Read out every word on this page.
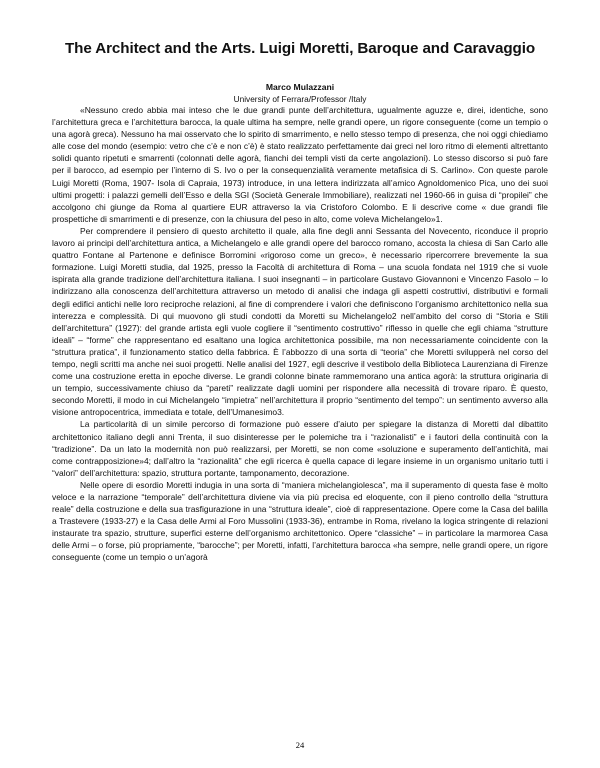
The Architect and the Arts. Luigi Moretti, Baroque and Caravaggio
Marco Mulazzani
University of Ferrara/Professor /Italy

«Nessuno credo abbia mai inteso che le due grandi punte dell’architettura, ugualmente aguzze e, direi, identiche, sono l’architettura greca e l’architettura barocca, la quale ultima ha sempre, nelle grandi opere, un rigore conseguente (come un tempio o una agorà greca). Nessuno ha mai osservato che lo spirito di smarrimento, e nello stesso tempo di presenza, che noi oggi chiediamo alle cose del mondo (esempio: vetro che c’è e non c’è) è stato realizzato perfettamente dai greci nel loro ritmo di elementi altrettanto solidi quanto ripetuti e smarrenti (colonnati delle agorà, fianchi dei templi visti da certe angolazioni). Lo stesso discorso si può fare per il barocco, ad esempio per l’interno di S. Ivo o per la consequenzialità veramente metafisica di S. Carlino». Con queste parole Luigi Moretti (Roma, 1907- Isola di Capraia, 1973) introduce, in una lettera indirizzata all’amico Agnoldomenico Pica, uno dei suoi ultimi progetti: i palazzi gemelli dell’Esso e della SGI (Società Generale Immobiliare), realizzati nel 1960-66 in guisa di “propilei” che accolgono chi giunge da Roma al quartiere EUR attraverso la via Cristoforo Colombo. E li descrive come « due grandi file prospettiche di smarrimenti e di presenze, con la chiusura del peso in alto, come voleva Michelangelo»1.

Per comprendere il pensiero di questo architetto il quale, alla fine degli anni Sessanta del Novecento, riconduce il proprio lavoro ai principi dell’architettura antica, a Michelangelo e alle grandi opere del barocco romano, accosta la chiesa di San Carlo alle quattro Fontane al Partenone e definisce Borromini «rigoroso come un greco», è necessario ripercorrere brevemente la sua formazione. Luigi Moretti studia, dal 1925, presso la Facoltà di architettura di Roma – una scuola fondata nel 1919 che si vuole ispirata alla grande tradizione dell’architettura italiana. I suoi insegnanti – in particolare Gustavo Giovannoni e Vincenzo Fasolo – lo indirizzano alla conoscenza dell’architettura attraverso un metodo di analisi che indaga gli aspetti costruttivi, distributivi e formali degli edifici antichi nelle loro reciproche relazioni, al fine di comprendere i valori che definiscono l’organismo architettonico nella sua interezza e complessità. Di qui muovono gli studi condotti da Moretti su Michelangelo2 nell’ambito del corso di “Storia e Stili dell’architettura” (1927): del grande artista egli vuole cogliere il “sentimento costruttivo” riflesso in quelle che egli chiama “strutture ideali” – “forme” che rappresentano ed esaltano una logica architettonica possibile, ma non necessariamente coincidente con la “struttura pratica”, il funzionamento statico della fabbrica. È l’abbozzo di una sorta di “teoria” che Moretti svilupperà nel corso del tempo, negli scritti ma anche nei suoi progetti. Nelle analisi del 1927, egli descrive il vestibolo della Biblioteca Laurenziana di Firenze come una costruzione eretta in epoche diverse. Le grandi colonne binate rammemorano una antica agorà: la struttura originaria di un tempio, successivamente chiuso da “pareti” realizzate dagli uomini per rispondere alla necessità di trovare riparo. È questo, secondo Moretti, il modo in cui Michelangelo “impietra” nell’architettura il proprio “sentimento del tempo”: un sentimento avverso alla visione antropocentrica, immediata e totale, dell’Umanesimo3.

La particolarità di un simile percorso di formazione può essere d’aiuto per spiegare la distanza di Moretti dal dibattito architettonico italiano degli anni Trenta, il suo disinteresse per le polemiche tra i “razionalisti” e i fautori della continuità con la “tradizione”. Da un lato la modernità non può realizzarsi, per Moretti, se non come «soluzione e superamento dell’antichità, mai come contrapposizione»4; dall’altro la “razionalità” che egli ricerca è quella capace di legare insieme in un organismo unitario tutti i “valori” dell’architettura: spazio, struttura portante, tamponamento, decorazione.

Nelle opere di esordio Moretti indugia in una sorta di “maniera michelangiolesca”, ma il superamento di questa fase è molto veloce e la narrazione “temporale” dell’architettura diviene via via più precisa ed eloquente, con il pieno controllo della “struttura reale” della costruzione e della sua trasfigurazione in una “struttura ideale”, cioè di rappresentazione. Opere come la Casa del balilla a Trastevere (1933-27) e la Casa delle Armi al Foro Mussolini (1933-36), entrambe in Roma, rivelano la logica stringente di relazioni instaurate tra spazio, strutture, superfici esterne dell’organismo architettonico. Opere “classiche” – in particolare la marmorea Casa delle Armi – o forse, più propriamente, “barocche”; per Moretti, infatti, l’architettura barocca «ha sempre, nelle grandi opere, un rigore conseguente (come un tempio o un’agorà

24
